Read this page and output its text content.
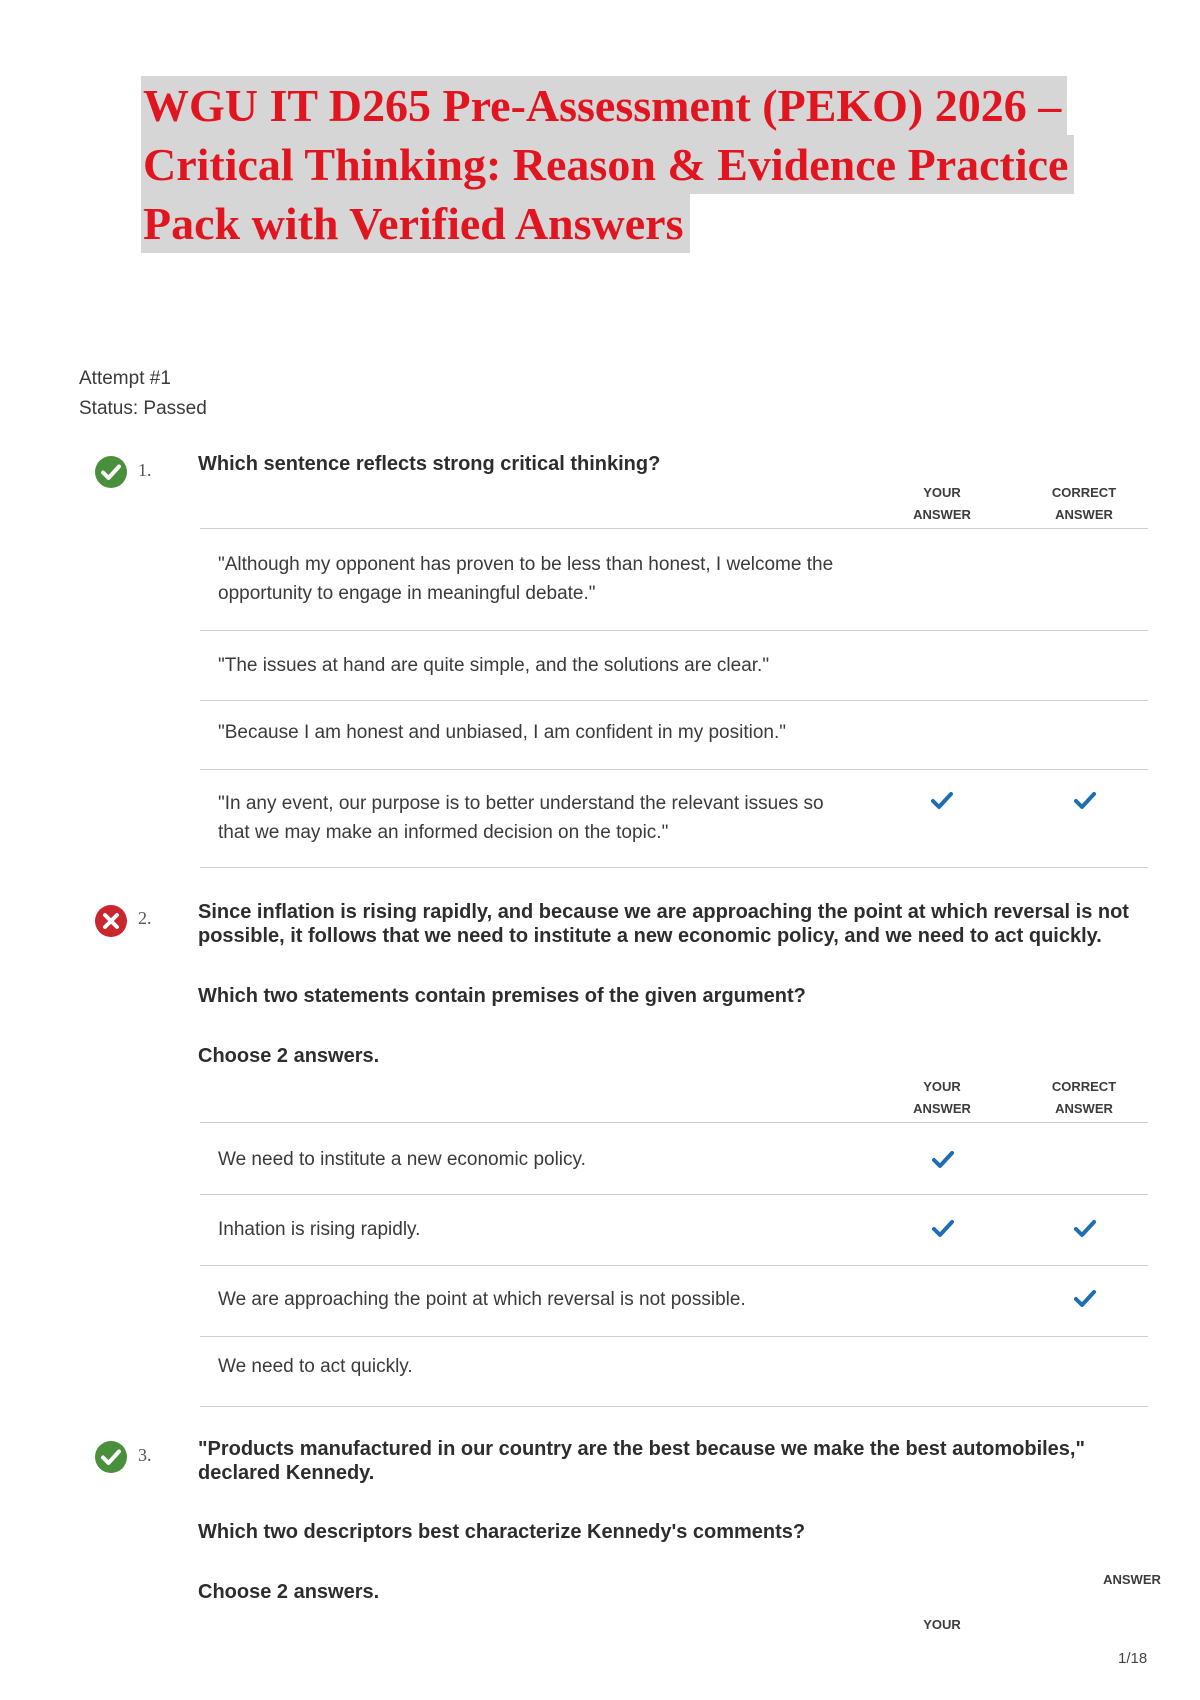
WGU IT D265 Pre-Assessment (PEKO) 2026 –
Critical Thinking: Reason & Evidence Practice
Pack with Verified Answers
Attempt #1
Status: Passed
1. Which sentence reflects strong critical thinking?
YOUR
ANSWER
CORRECT
ANSWER
"Although my opponent has proven to be less than honest, I welcome the opportunity to engage in meaningful debate."
"The issues at hand are quite simple, and the solutions are clear."
"Because I am honest and unbiased, I am confident in my position."
"In any event, our purpose is to better understand the relevant issues so that we may make an informed decision on the topic."
2. Since inflation is rising rapidly, and because we are approaching the point at which reversal is not possible, it follows that we need to institute a new economic policy, and we need to act quickly.
Which two statements contain premises of the given argument?
Choose 2 answers.
YOUR
ANSWER
CORRECT
ANSWER
We need to institute a new economic policy.
Inhation is rising rapidly.
We are approaching the point at which reversal is not possible.
We need to act quickly.
3. "Products manufactured in our country are the best because we make the best automobiles," declared Kennedy.
Which two descriptors best characterize Kennedy's comments?
Choose 2 answers.
ANSWER
YOUR
1/18
